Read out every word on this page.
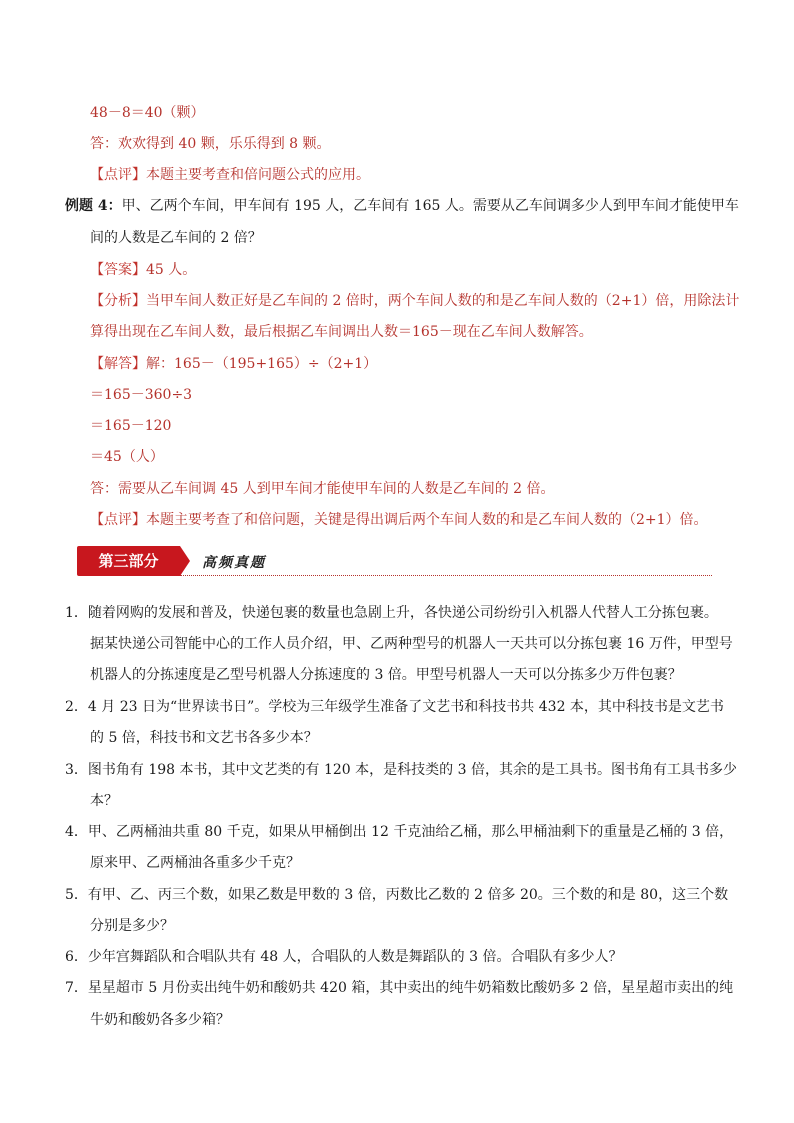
48－8＝40（颗）
答：欢欢得到 40 颗，乐乐得到 8 颗。
【点评】本题主要考查和倍问题公式的应用。
例题 4：甲、乙两个车间，甲车间有 195 人，乙车间有 165 人。需要从乙车间调多少人到甲车间才能使甲车
间的人数是乙车间的 2 倍？
【答案】45 人。
【分析】当甲车间人数正好是乙车间的 2 倍时，两个车间人数的和是乙车间人数的（2+1）倍，用除法计
算得出现在乙车间人数，最后根据乙车间调出人数＝165－现在乙车间人数解答。
【解答】解：165－（195+165）÷（2+1）
＝165－360÷3
＝165－120
＝45（人）
答：需要从乙车间调 45 人到甲车间才能使甲车间的人数是乙车间的 2 倍。
【点评】本题主要考查了和倍问题，关键是得出调后两个车间人数的和是乙车间人数的（2+1）倍。
第三部分	高频真题
1．随着网购的发展和普及，快递包裹的数量也急剧上升，各快递公司纷纷引入机器人代替人工分拣包裹。
据某快递公司智能中心的工作人员介绍，甲、乙两种型号的机器人一天共可以分拣包裹 16 万件，甲型号
机器人的分拣速度是乙型号机器人分拣速度的 3 倍。甲型号机器人一天可以分拣多少万件包裹？
2．4 月 23 日为“世界读书日”。学校为三年级学生准备了文艺书和科技书共 432 本，其中科技书是文艺书
的 5 倍，科技书和文艺书各多少本？
3．图书角有 198 本书，其中文艺类的有 120 本，是科技类的 3 倍，其余的是工具书。图书角有工具书多少
本？
4．甲、乙两桶油共重 80 千克，如果从甲桶倒出 12 千克油给乙桶，那么甲桶油剩下的重量是乙桶的 3 倍，
原来甲、乙两桶油各重多少千克？
5．有甲、乙、丙三个数，如果乙数是甲数的 3 倍，丙数比乙数的 2 倍多 20。三个数的和是 80，这三个数
分别是多少？
6．少年宫舞蹈队和合唱队共有 48 人，合唱队的人数是舞蹈队的 3 倍。合唱队有多少人？
7．星星超市 5 月份卖出纯牛奶和酸奶共 420 箱，其中卖出的纯牛奶箱数比酸奶多 2 倍，星星超市卖出的纯
牛奶和酸奶各多少箱？
